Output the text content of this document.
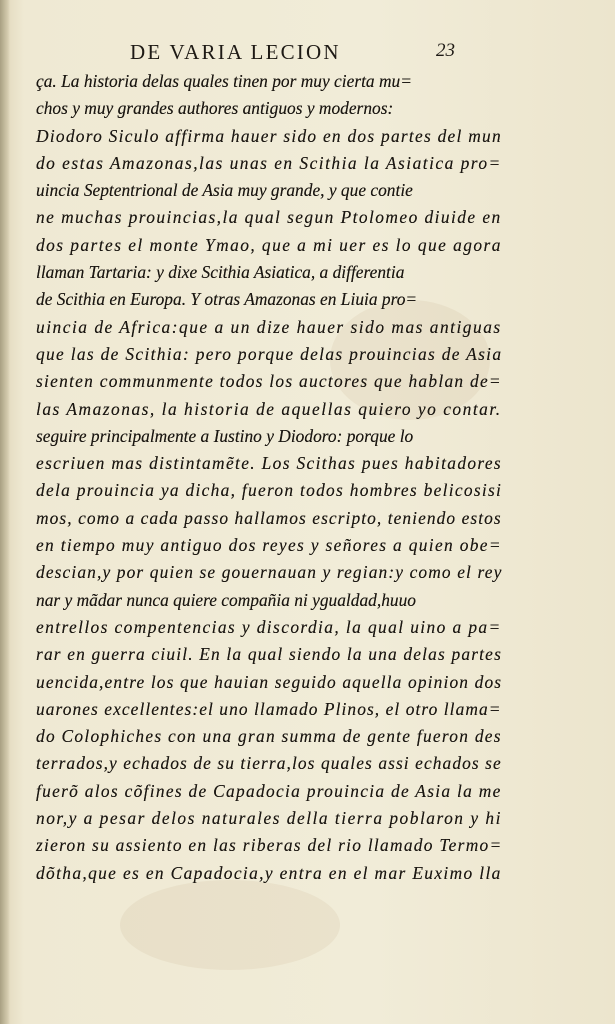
DE VARIA LECION	23
ça. La historia delas quales tinen por muy cierta mu=
chos y muy grandes authores antiguos y modernos:
Diodoro Siculo affirma hauer sido en dos partes del mun
do estas Amazonas,las unas en Scithia la Asiatica pro=
uincia Septentrional de Asia muy grande, y que contie
ne muchas prouincias,la qual segun Ptolomeo diuide en
dos partes el monte Ymao, que a mi uer es lo que agora
llaman Tartaria: y dixe Scithia Asiatica, a differentia
de Scithia en Europa. Y otras Amazonas en Liuia pro=
uincia de Africa:que a un dize hauer sido mas antiguas
que las de Scithia: pero porque delas prouincias de Asia
sienten communmente todos los auctores que hablan de=
las Amazonas, la historia de aquellas quiero yo contar.
seguire principalmente a Iustino y Diodoro: porque lo
escriuen mas distintamẽte. Los Scithas pues habitadores
dela prouincia ya dicha, fueron todos hombres belicosisi
mos, como a cada passo hallamos escripto, teniendo estos
en tiempo muy antiguo dos reyes y señores a quien obe=
descian,y por quien se gouernauan y regian:y como el rey
nar y mãdar nunca quiere compañia ni ygualdad,huuo
entrellos compentencias y discordia, la qual uino a pa=
rar en guerra ciuil. En la qual siendo la una delas partes
uencida,entre los que hauian seguido aquella opinion dos
uarones excellentes:el uno llamado Plinos, el otro llama=
do Colophiches con una gran summa de gente fueron des
terrados,y echados de su tierra,los quales assi echados se
fuerõ alos cõfines de Capadocia prouincia de Asia la me
nor,y a pesar delos naturales della tierra poblaron y hi
zieron su assiento en las riberas del rio llamado Termo=
dõtha,que es en Capadocia,y entra en el mar Euximo lla
